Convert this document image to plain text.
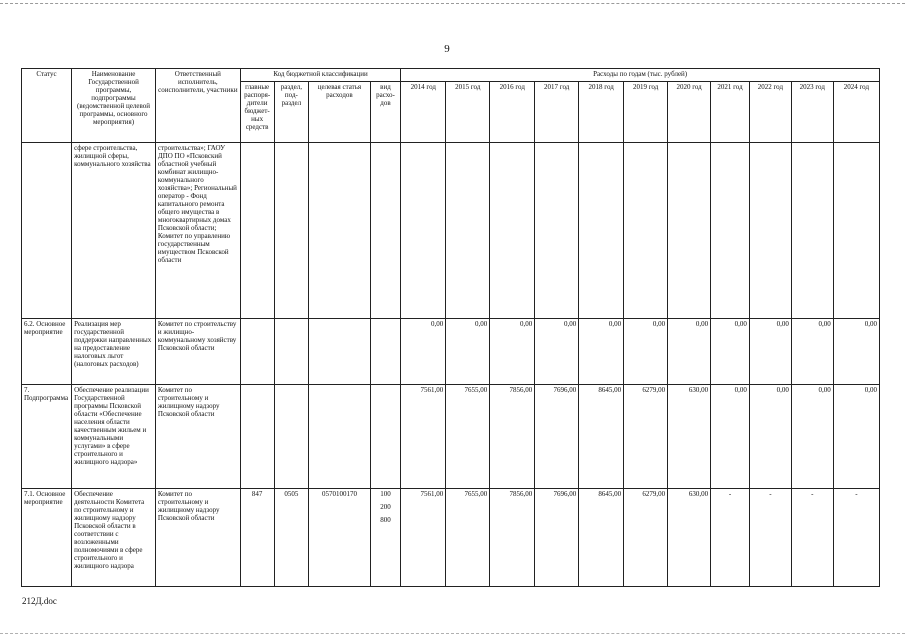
9
Статус	Наименование Государственной программы, подпрограммы (ведомственной целевой программы, основного мероприятия)	Ответственный исполнитель, соисполнители, участники	Код бюджетной классификации				Расходы по годам (тыс. рублей)										
			главные распоря-дители бюджет-ных средств	раздел, под-раздел	целевая статья расходов	вид расхо-дов	2014 год	2015 год	2016 год	2017 год	2018 год	2019 год	2020 год	2021 год	2022 год	2023 год	2024 год
	сфере строительства, жилищной сферы, коммунального хозяйства	строительства»; ГАОУ ДПО ПО «Псковский областной учебный комбинат жилищно-коммунального хозяйства»; Региональный оператор - Фонд капитального ремонта общего имущества в многоквартирных домах Псковской области; Комитет по управлению государственным имуществом Псковской области															
6.2. Основное мероприятие	Реализация мер государственной поддержки направленных на предоставление налоговых льгот (налоговых расходов)	Комитет по строительству и жилищно-коммунальному хозяйству Псковской области					0,00	0,00	0,00	0,00	0,00	0,00	0,00	0,00	0,00	0,00	0,00
7. Подпрограмма	Обеспечение реализации Государственной программы Псковской области «Обеспечение населения области качественным жильем и коммунальными услугами» в сфере строительного и жилищного надзора»	Комитет по строительному и жилищному надзору Псковской области					7561,00	7655,00	7856,00	7696,00	8645,00	6279,00	630,00	0,00	0,00	0,00	0,00
7.1. Основное мероприятие	Обеспечение деятельности Комитета по строительному и жилищному надзору Псковской области в соответствии с возложенными полномочиями в сфере строительного и жилищного надзора	Комитет по строительному и жилищному надзору Псковской области	847	0505	0570100170	100
200
800	7561,00	7655,00	7856,00	7696,00	8645,00	6279,00	630,00	-	-	-	-
212Д.doc
